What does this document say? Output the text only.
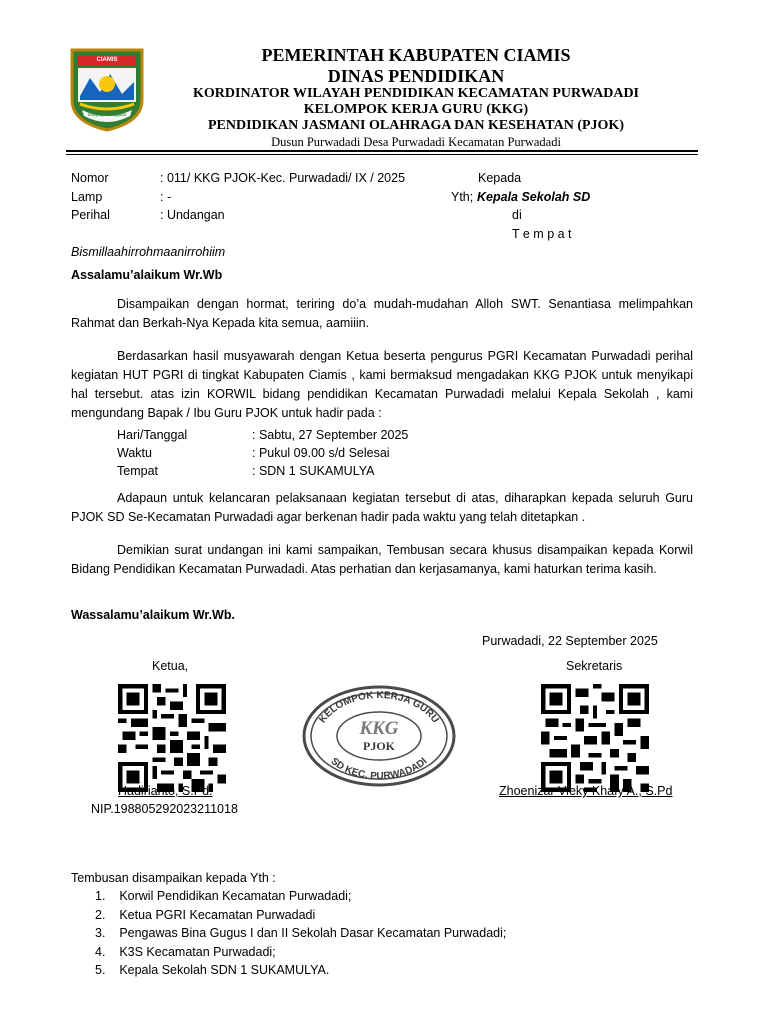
CIAMIS
Manjing Kebagjaan
PEMERINTAH KABUPATEN CIAMIS
DINAS PENDIDIKAN
KORDINATOR WILAYAH PENDIDIKAN KECAMATAN PURWADADI
KELOMPOK KERJA GURU (KKG)
PENDIDIKAN JASMANI OLAHRAGA DAN KESEHATAN (PJOK)
Dusun Purwadadi Desa Purwadadi Kecamatan Purwadadi
Nomor	: 011/ KKG PJOK-Kec. Purwadadi/ IX / 2025
Lamp	: -
Perihal	: Undangan
Kepada
Yth; Kepala Sekolah SD
di
T e m p a t
Bismillaahirrohmaanirrohiim
Assalamu’alaikum Wr.Wb
Disampaikan dengan hormat, teriring do’a mudah-mudahan Alloh SWT. Senantiasa melimpahkan Rahmat dan Berkah-Nya Kepada kita semua, aamiiin.
Berdasarkan hasil musyawarah dengan Ketua beserta pengurus PGRI Kecamatan Purwadadi perihal kegiatan HUT PGRI di tingkat Kabupaten Ciamis , kami bermaksud mengadakan KKG PJOK untuk menyikapi hal tersebut. atas izin KORWIL bidang pendidikan Kecamatan Purwadadi melalui Kepala Sekolah , kami mengundang Bapak / Ibu Guru PJOK untuk hadir pada :
Hari/Tanggal	: Sabtu, 27 September 2025
Waktu	: Pukul 09.00 s/d Selesai
Tempat	: SDN 1 SUKAMULYA
Adapaun untuk kelancaran pelaksanaan kegiatan tersebut di atas, diharapkan kepada seluruh Guru PJOK SD Se-Kecamatan Purwadadi agar berkenan hadir pada waktu yang telah ditetapkan .
Demikian surat undangan ini kami sampaikan, Tembusan secara khusus disampaikan kepada Korwil Bidang Pendidikan Kecamatan Purwadadi. Atas perhatian dan kerjasamanya, kami haturkan terima kasih.
Wassalamu’alaikum Wr.Wb.
Purwadadi, 22 September 2025
Ketua,	Sekretaris
KELOMPOK KERJA GURU
SD KEC. PURWADADI
KKG
PJOK
Hadirianto, S.Pd.	Zhoenizar Vieky Khafy A., S.Pd
NIP.198805292023211018
Tembusan disampaikan kepada Yth :
1.    Korwil Pendidikan Kecamatan Purwadadi;
2.    Ketua PGRI Kecamatan Purwadadi
3.    Pengawas Bina Gugus I dan II Sekolah Dasar Kecamatan Purwadadi;
4.    K3S Kecamatan Purwadadi;
5.    Kepala Sekolah SDN 1 SUKAMULYA.
